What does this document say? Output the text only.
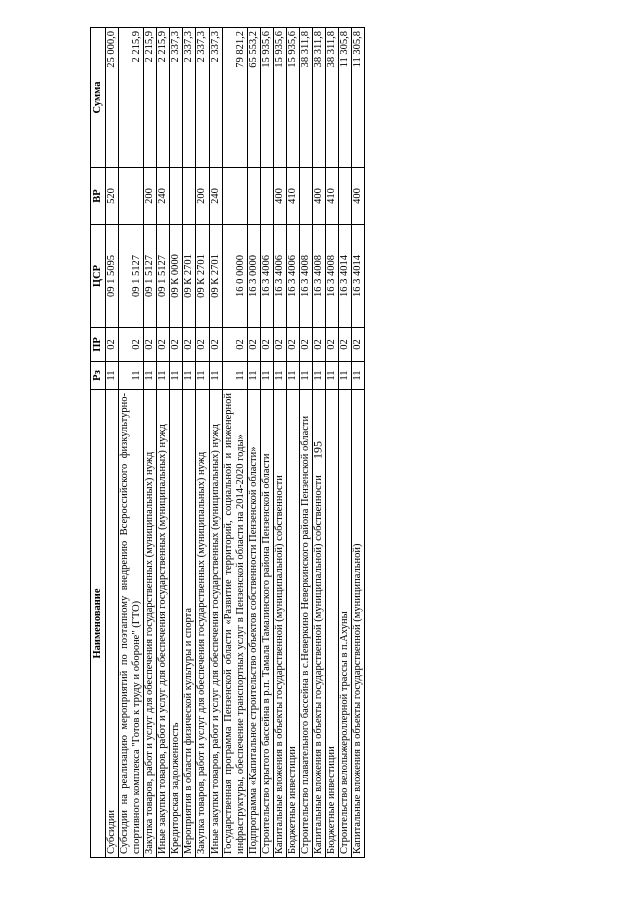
195
Наименование	Рз	ПР	ЦСР	ВР	Сумма
Субсидии	11	02	09 1 5095	520	25 000,0
Субсидии на реализацию мероприятий по поэтапному внедрению Всероссийского физкультурно-спортивного комплекса "Готов к труду и обороне" (ГТО)	11	02	09 1 5127		2 215,9
Закупка товаров, работ и услуг для обеспечения государственных (муниципальных) нужд	11	02	09 1 5127	200	2 215,9
Иные закупки товаров, работ и услуг для обеспечения государственных (муниципальных) нужд	11	02	09 1 5127	240	2 215,9
Кредиторская задолженность	11	02	09 К 0000		2 337,3
Мероприятия в области физической культуры и спорта	11	02	09 К 2701		2 337,3
Закупка товаров, работ и услуг для обеспечения государственных (муниципальных) нужд	11	02	09 К 2701	200	2 337,3
Иные закупки товаров, работ и услуг для обеспечения государственных (муниципальных) нужд	11	02	09 К 2701	240	2 337,3
Государственная программа Пензенской области «Развитие территорий, социальной и инженерной инфраструктуры, обеспечение транспортных услуг в Пензенской области на 2014-2020 годы»	11	02	16 0 0000		79 821,2
Подпрограмма «Капитальное строительство объектов собственности Пензенской области»	11	02	16 3 0000		65 553,2
Строительство крытого бассейна в р.п. Тамала Тамалинского района Пензенской области	11	02	16 3 4006		15 935,6
Капитальные вложения в объекты государственной (муниципальной) собственности	11	02	16 3 4006	400	15 935,6
Бюджетные инвестиции	11	02	16 3 4006	410	15 935,6
Строительство плавательного бассейна в с.Неверкино Неверкинского района Пензенской области	11	02	16 3 4008		38 311,8
Капитальные вложения в объекты государственной (муниципальной) собственности	11	02	16 3 4008	400	38 311,8
Бюджетные инвестиции	11	02	16 3 4008	410	38 311,8
Строительство велолыжероллерной трассы в п.Ахуны	11	02	16 3 4014		11 305,8
Капитальные вложения в объекты государственной (муниципальной)	11	02	16 3 4014	400	11 305,8
